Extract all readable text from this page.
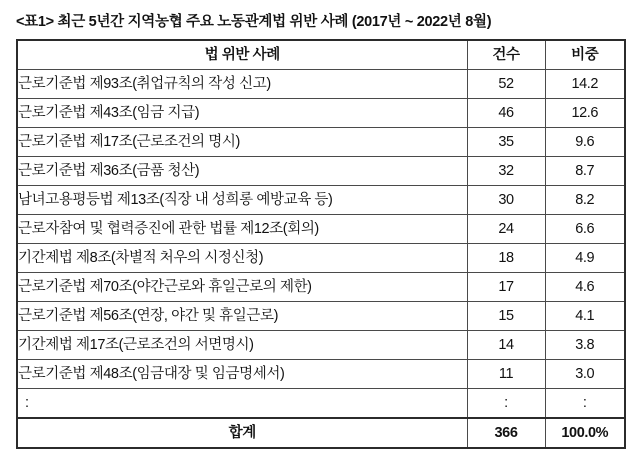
<표1> 최근 5년간 지역농협 주요 노동관계법 위반 사례 (2017년 ~ 2022년 8월)
법 위반 사례	건수	비중
근로기준법 제93조(취업규칙의 작성 신고)	52	14.2
근로기준법 제43조(임금 지급)	46	12.6
근로기준법 제17조(근로조건의 명시)	35	9.6
근로기준법 제36조(금품 청산)	32	8.7
남녀고용평등법 제13조(직장 내 성희롱 예방교육 등)	30	8.2
근로자참여 및 협력증진에 관한 법률 제12조(회의)	24	6.6
기간제법 제8조(차별적 처우의 시정신청)	18	4.9
근로기준법 제70조(야간근로와 휴일근로의 제한)	17	4.6
근로기준법 제56조(연장, 야간 및 휴일근로)	15	4.1
기간제법 제17조(근로조건의 서면명시)	14	3.8
근로기준법 제48조(임금대장 및 임금명세서)	11	3.0
:	:	:
합계	366	100.0%
